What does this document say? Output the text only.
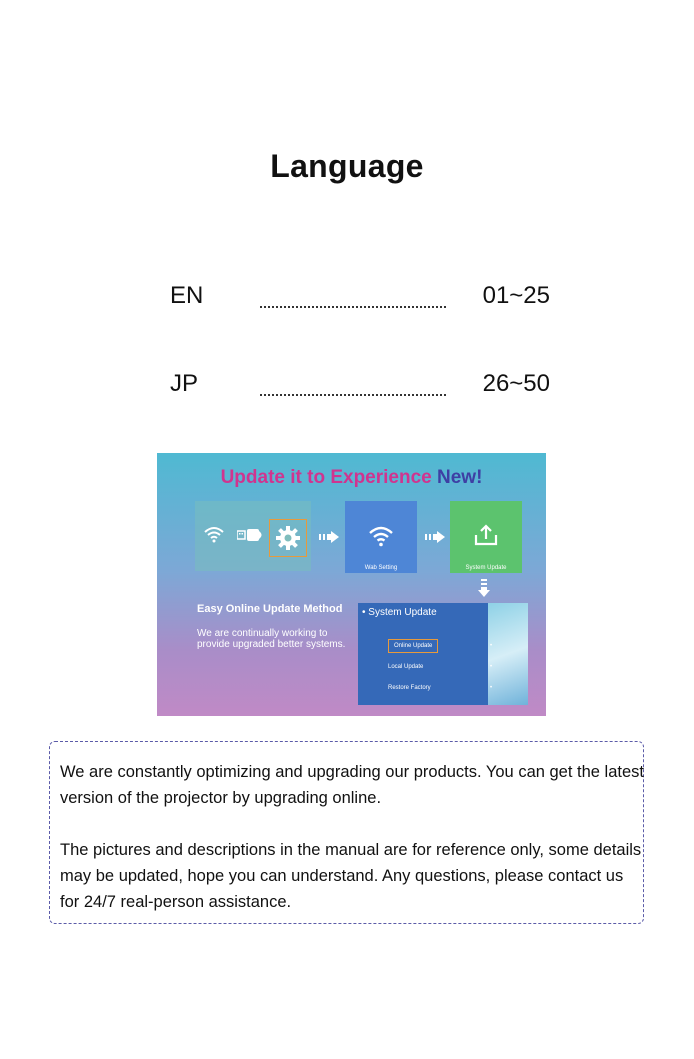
Language
EN	01~25
JP	26~50
Update it to Experience New!
Wab Setting	System Update
Easy Online Update Method
We are continually working to provide upgraded better systems.
• System Update
Online Update	•
Local Update	•
Restore Factory	•

We are constantly optimizing and upgrading our products. You can get the latest version of the projector by upgrading online.

The pictures and descriptions in the manual are for reference only, some details may be updated, hope you can understand. Any questions, please contact us for 24/7 real-person assistance.
